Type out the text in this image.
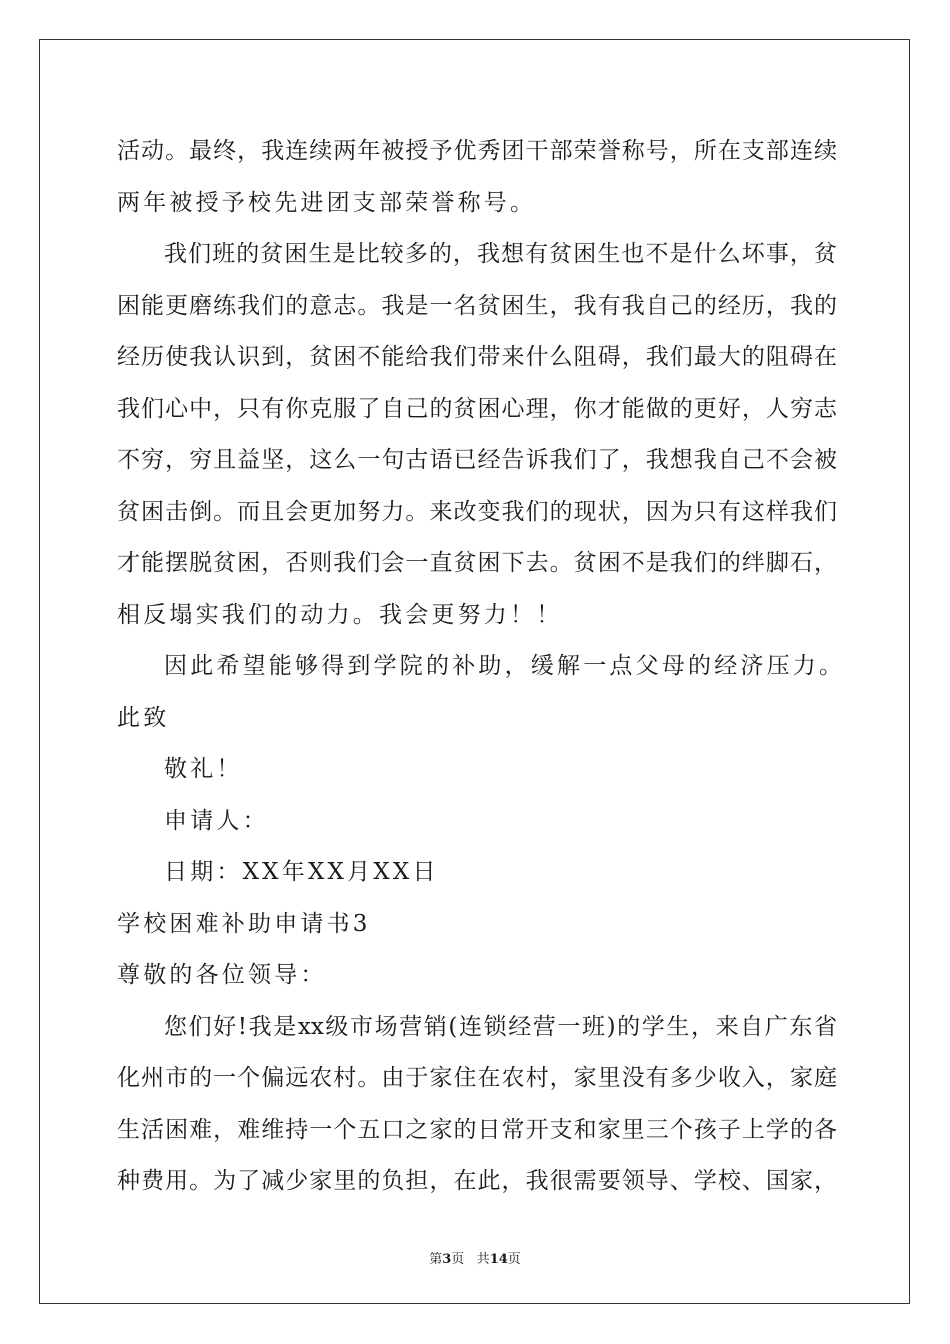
活动。最终，我连续两年被授予优秀团干部荣誉称号，所在支部连续
两年被授予校先进团支部荣誉称号。
我们班的贫困生是比较多的，我想有贫困生也不是什么坏事，贫
困能更磨练我们的意志。我是一名贫困生，我有我自己的经历，我的
经历使我认识到，贫困不能给我们带来什么阻碍，我们最大的阻碍在
我们心中，只有你克服了自己的贫困心理，你才能做的更好，人穷志
不穷，穷且益坚，这么一句古语已经告诉我们了，我想我自己不会被
贫困击倒。而且会更加努力。来改变我们的现状，因为只有这样我们
才能摆脱贫困，否则我们会一直贫困下去。贫困不是我们的绊脚石，
相反塌实我们的动力。我会更努力！！
因此希望能够得到学院的补助，缓解一点父母的经济压力。
此致
敬礼！
申请人：
日期：XX年XX月XX日
学校困难补助申请书3
尊敬的各位领导：
您们好!我是xx级市场营销(连锁经营一班)的学生，来自广东省
化州市的一个偏远农村。由于家住在农村，家里没有多少收入，家庭
生活困难，难维持一个五口之家的日常开支和家里三个孩子上学的各
种费用。为了减少家里的负担，在此，我很需要领导、学校、国家，
第3页 共14页
